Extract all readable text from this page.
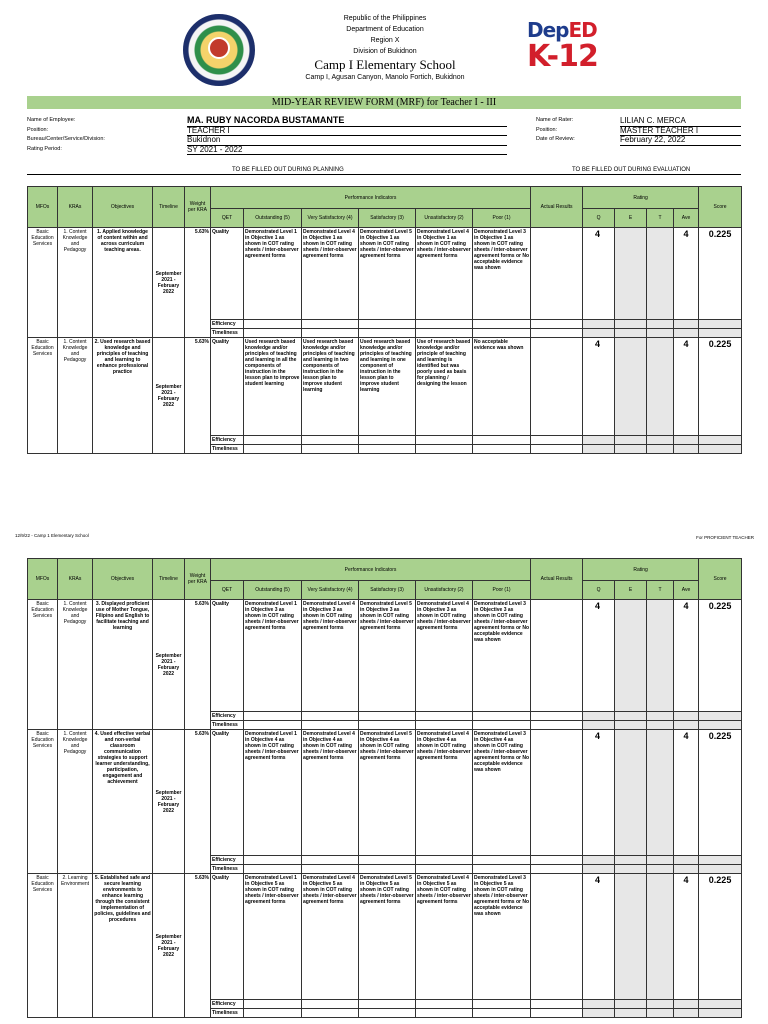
Republic of the Philippines
Department of Education
Region X
Division of Bukidnon
Camp I Elementary School
Camp I, Agusan Canyon, Manolo Fortich, Bukidnon
DepED
K-12
MID-YEAR REVIEW FORM (MRF) for Teacher I - III
Name of Employee:	MA. RUBY NACORDA BUSTAMANTE
Position:	TEACHER I
Bureau/Center/Service/Division:	Bukidnon
Rating Period:	SY 2021 - 2022
Name of Rater:	LILIAN C. MERCA
Position:	MASTER TEACHER I
Date of Review:	February 22, 2022
TO BE FILLED OUT DURING PLANNING	TO BE FILLED OUT DURING EVALUATION
MFOs	KRAs	Objectives	Timeline	Weight per KRA	Performance Indicators						Actual Results	Rating				Score
					QET	Outstanding (5)	Very Satisfactory (4)	Satisfactory (3)	Unsatisfactory (2)	Poor (1)		Q	E	T	Ave	
Basic Education Services	1. Content Knowledge and Pedagogy	1. Applied knowledge of content within and across curriculum teaching areas.	September 2021 - February 2022	5.63%	Quality	Demonstrated Level 1 in Objective 1 as shown in COT rating sheets / inter-observer agreement forms	Demonstrated Level 4 in Objective 1 as shown in COT rating sheets / inter-observer agreement forms	Demonstrated Level 5 in Objective 1 as shown in COT rating sheets / inter-observer agreement forms	Demonstrated Level 4 in Objective 1 as shown in COT rating sheets / inter-observer agreement forms	Demonstrated Level 3 in Objective 1 as shown in COT rating sheets / inter-observer agreement forms or No acceptable evidence was shown		4			4	0.225
					Efficiency											
					Timeliness											
Basic Education Services	1. Content Knowledge and Pedagogy	2. Used research based knowledge and principles of teaching and learning to enhance professional practice	September 2021 - February 2022	5.63%	Quality	Used research based knowledge and/or principles of teaching and learning in all the components of instruction in the lesson plan to improve student learning	Used research based knowledge and/or principles of teaching and learning in two components of instruction in the lesson plan to improve student learning	Used research based knowledge and/or principles of teaching and learning in one component of instruction in the lesson plan to improve student learning	Use of research based knowledge and/or principle of teaching and learning is identified but was poorly used as basis for planning / designing the lesson	No acceptable evidence was shown		4			4	0.225
					Efficiency											
					Timeliness											
12/9/22 - Camp 1 Elementary School	For PROFICIENT TEACHER
MFOs	KRAs	Objectives	Timeline	Weight per KRA	Performance Indicators						Actual Results	Rating				Score
					QET	Outstanding (5)	Very Satisfactory (4)	Satisfactory (3)	Unsatisfactory (2)	Poor (1)		Q	E	T	Ave	
Basic Education Services	1. Content Knowledge and Pedagogy	3. Displayed proficient use of Mother Tongue, Filipino and English to facilitate teaching and learning	September 2021 - February 2022	5.63%	Quality	Demonstrated Level 1 in Objective 3 as shown in COT rating sheets / inter-observer agreement forms	Demonstrated Level 4 in Objective 3 as shown in COT rating sheets / inter-observer agreement forms	Demonstrated Level 5 in Objective 3 as shown in COT rating sheets / inter-observer agreement forms	Demonstrated Level 4 in Objective 3 as shown in COT rating sheets / inter-observer agreement forms	Demonstrated Level 3 in Objective 3 as shown in COT rating sheets / inter-observer agreement forms or No acceptable evidence was shown		4			4	0.225
					Efficiency											
					Timeliness											
Basic Education Services	1. Content Knowledge and Pedagogy	4. Used effective verbal and non-verbal classroom communication strategies to support learner understanding, participation, engagement and achievement	September 2021 - February 2022	5.63%	Quality	Demonstrated Level 1 in Objective 4 as shown in COT rating sheets / inter-observer agreement forms	Demonstrated Level 4 in Objective 4 as shown in COT rating sheets / inter-observer agreement forms	Demonstrated Level 5 in Objective 4 as shown in COT rating sheets / inter-observer agreement forms	Demonstrated Level 4 in Objective 4 as shown in COT rating sheets / inter-observer agreement forms	Demonstrated Level 3 in Objective 4 as shown in COT rating sheets / inter-observer agreement forms or No acceptable evidence was shown		4			4	0.225
					Efficiency											
					Timeliness											
Basic Education Services	2. Learning Environment	5. Established safe and secure learning environments to enhance learning through the consistent implementation of policies, guidelines and procedures	September 2021 - February 2022	5.63%	Quality	Demonstrated Level 1 in Objective 5 as shown in COT rating sheets / inter-observer agreement forms	Demonstrated Level 4 in Objective 5 as shown in COT rating sheets / inter-observer agreement forms	Demonstrated Level 5 in Objective 5 as shown in COT rating sheets / inter-observer agreement forms	Demonstrated Level 4 in Objective 5 as shown in COT rating sheets / inter-observer agreement forms	Demonstrated Level 3 in Objective 5 as shown in COT rating sheets / inter-observer agreement forms or No acceptable evidence was shown		4			4	0.225
					Efficiency											
					Timeliness											
